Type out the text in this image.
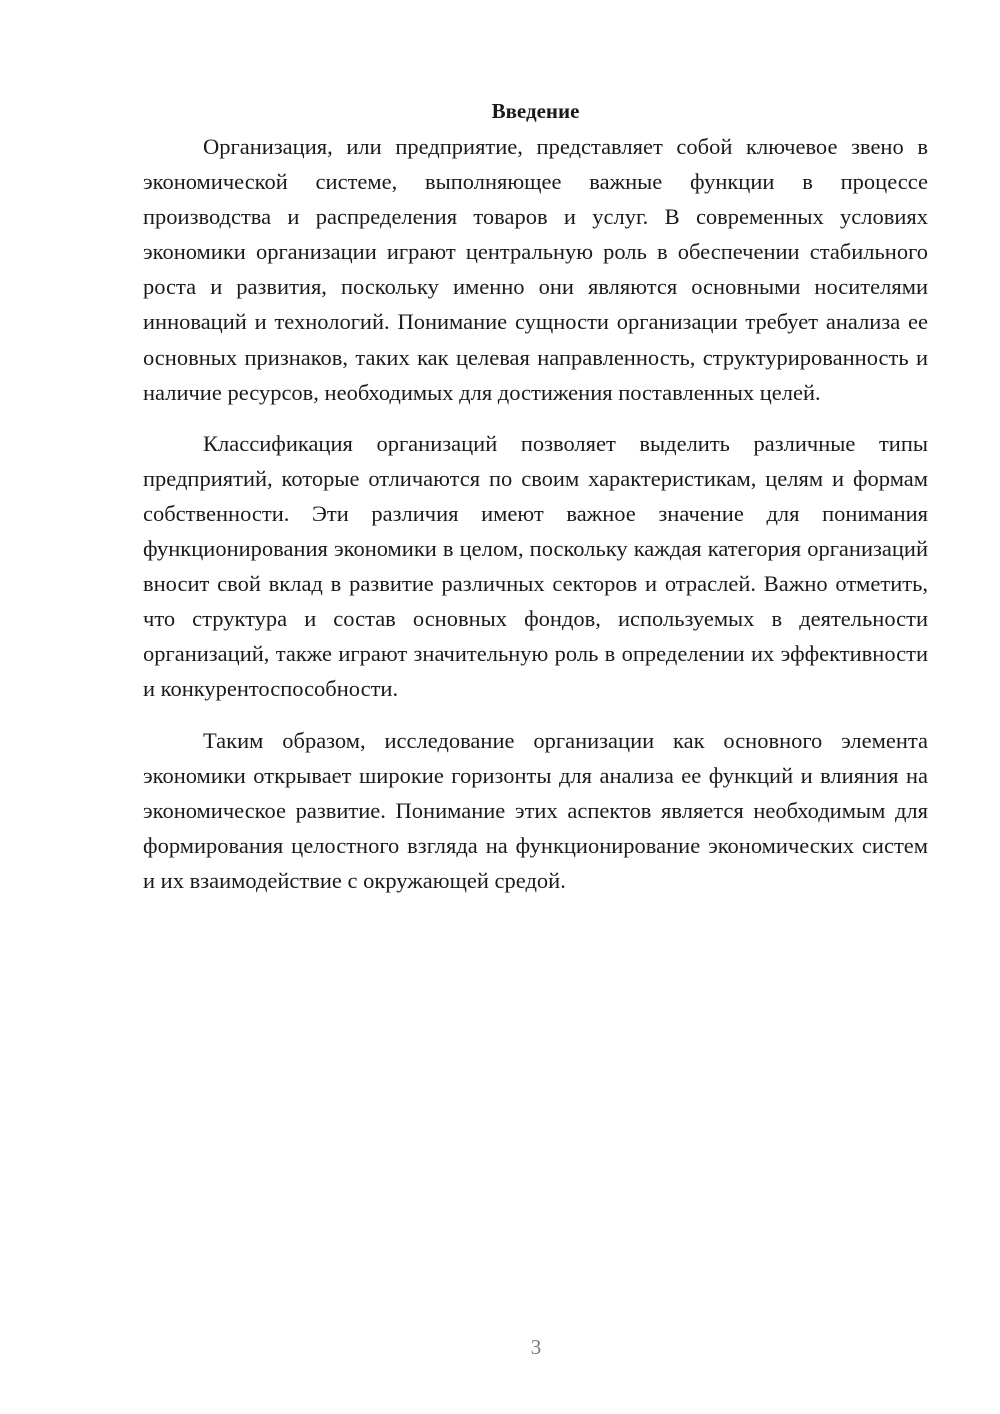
Введение

Организация, или предприятие, представляет собой ключевое звено в экономической системе, выполняющее важные функции в процессе производства и распределения товаров и услуг. В современных условиях экономики организации играют центральную роль в обеспечении стабильного роста и развития, поскольку именно они являются основными носителями инноваций и технологий. Понимание сущности организации требует анализа ее основных признаков, таких как целевая направленность, структурированность и наличие ресурсов, необходимых для достижения поставленных целей.

Классификация организаций позволяет выделить различные типы предприятий, которые отличаются по своим характеристикам, целям и формам собственности. Эти различия имеют важное значение для понимания функционирования экономики в целом, поскольку каждая категория организаций вносит свой вклад в развитие различных секторов и отраслей. Важно отметить, что структура и состав основных фондов, используемых в деятельности организаций, также играют значительную роль в определении их эффективности и конкурентоспособности.

Таким образом, исследование организации как основного элемента экономики открывает широкие горизонты для анализа ее функций и влияния на экономическое развитие. Понимание этих аспектов является необходимым для формирования целостного взгляда на функционирование экономических систем и их взаимодействие с окружающей средой.

3
